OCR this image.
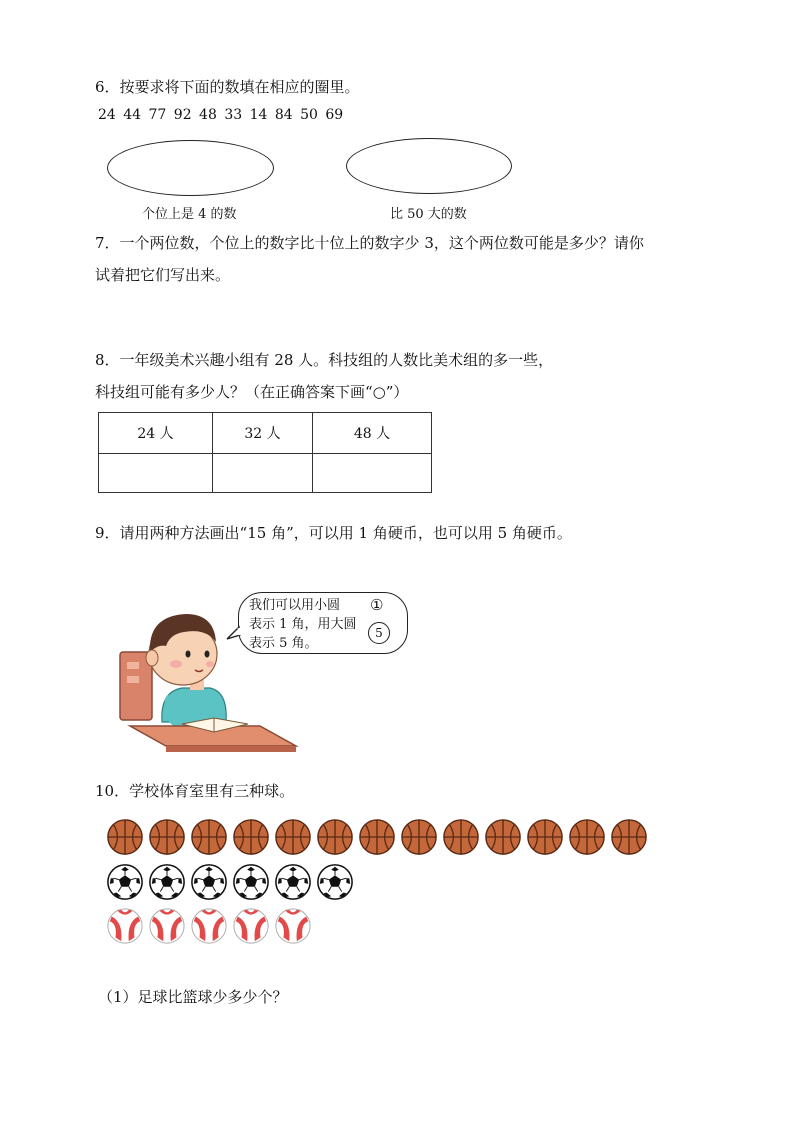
6．按要求将下面的数填在相应的圈里。
24 44 77 92 48 33 14 84 50 69
个位上是 4 的数	比 50 大的数
7．一个两位数，个位上的数字比十位上的数字少 3，这个两位数可能是多少？请你
试着把它们写出来。
8．一年级美术兴趣小组有 28 人。科技组的人数比美术组的多一些，
科技组可能有多少人？（在正确答案下画“○”）
24 人	32 人	48 人

9．请用两种方法画出“15 角”，可以用 1 角硬币，也可以用 5 角硬币。
我们可以用小圆
表示 1 角，用大圆
表示 5 角。
①
5
10．学校体育室里有三种球。
（1）足球比篮球少多少个？
